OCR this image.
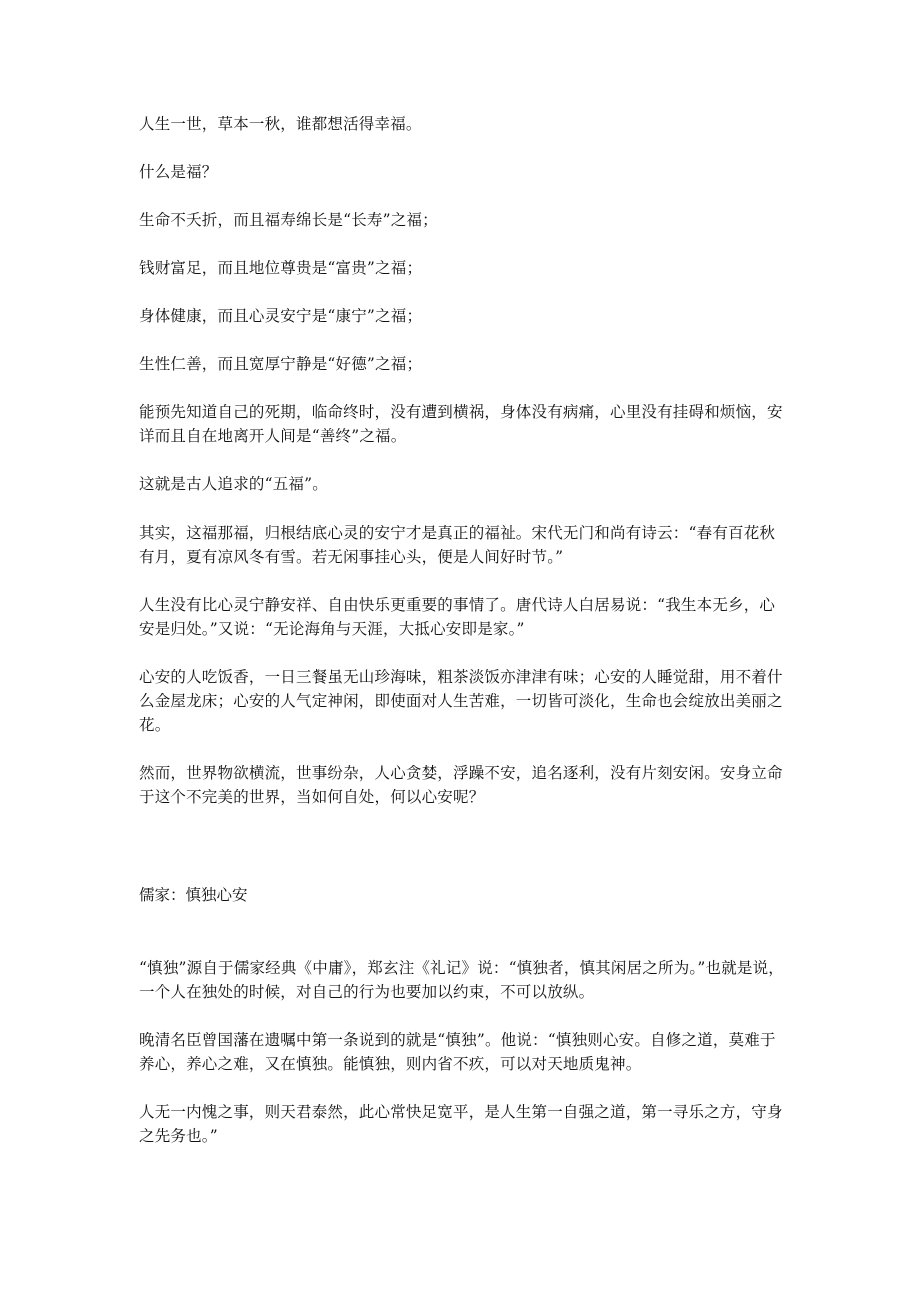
人生一世，草本一秋，谁都想活得幸福。

什么是福？

生命不夭折，而且福寿绵长是“长寿”之福；

钱财富足，而且地位尊贵是“富贵”之福；

身体健康，而且心灵安宁是“康宁”之福；

生性仁善，而且宽厚宁静是“好德”之福；

能预先知道自己的死期，临命终时，没有遭到横祸，身体没有病痛，心里没有挂碍和烦恼，安详而且自在地离开人间是“善终”之福。

这就是古人追求的“五福”。

其实，这福那福，归根结底心灵的安宁才是真正的福祉。宋代无门和尚有诗云：“春有百花秋有月，夏有凉风冬有雪。若无闲事挂心头，便是人间好时节。”

人生没有比心灵宁静安祥、自由快乐更重要的事情了。唐代诗人白居易说：“我生本无乡，心安是归处。”又说：“无论海角与天涯，大抵心安即是家。”

心安的人吃饭香，一日三餐虽无山珍海味，粗茶淡饭亦津津有味；心安的人睡觉甜，用不着什么金屋龙床；心安的人气定神闲，即使面对人生苦难，一切皆可淡化，生命也会绽放出美丽之花。

然而，世界物欲横流，世事纷杂，人心贪婪，浮躁不安，追名逐利，没有片刻安闲。安身立命于这个不完美的世界，当如何自处，何以心安呢？

儒家：慎独心安

“慎独”源自于儒家经典《中庸》，郑玄注《礼记》说：“慎独者，慎其闲居之所为。”也就是说，一个人在独处的时候，对自己的行为也要加以约束，不可以放纵。

晚清名臣曾国藩在遗嘱中第一条说到的就是“慎独”。他说：“慎独则心安。自修之道，莫难于养心，养心之难，又在慎独。能慎独，则内省不疚，可以对天地质鬼神。

人无一内愧之事，则天君泰然，此心常快足宽平，是人生第一自强之道，第一寻乐之方，守身之先务也。”
